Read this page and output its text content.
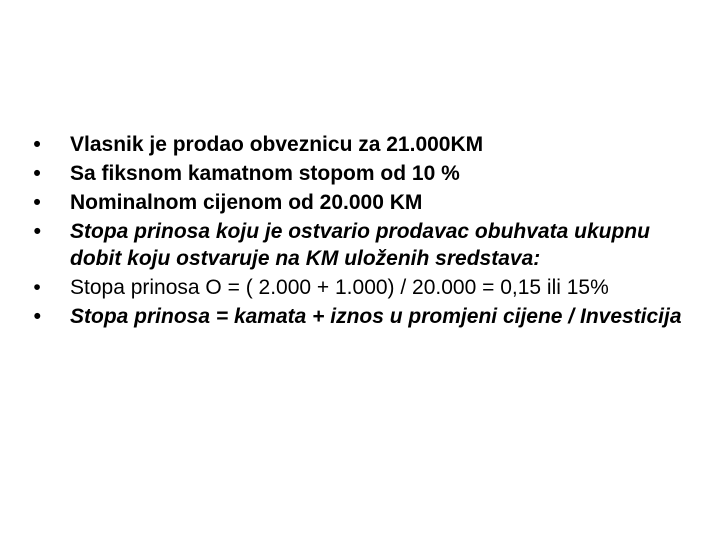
• Vlasnik je prodao obveznicu za 21.000KM
• Sa fiksnom kamatnom stopom od 10 %
• Nominalnom cijenom od 20.000 KM
• Stopa prinosa koju je ostvario prodavac obuhvata ukupnu dobit koju ostvaruje na KM uloženih sredstava:
• Stopa prinosa O = ( 2.000 + 1.000) / 20.000 = 0,15 ili 15%
• Stopa prinosa = kamata + iznos u promjeni cijene / Investicija
